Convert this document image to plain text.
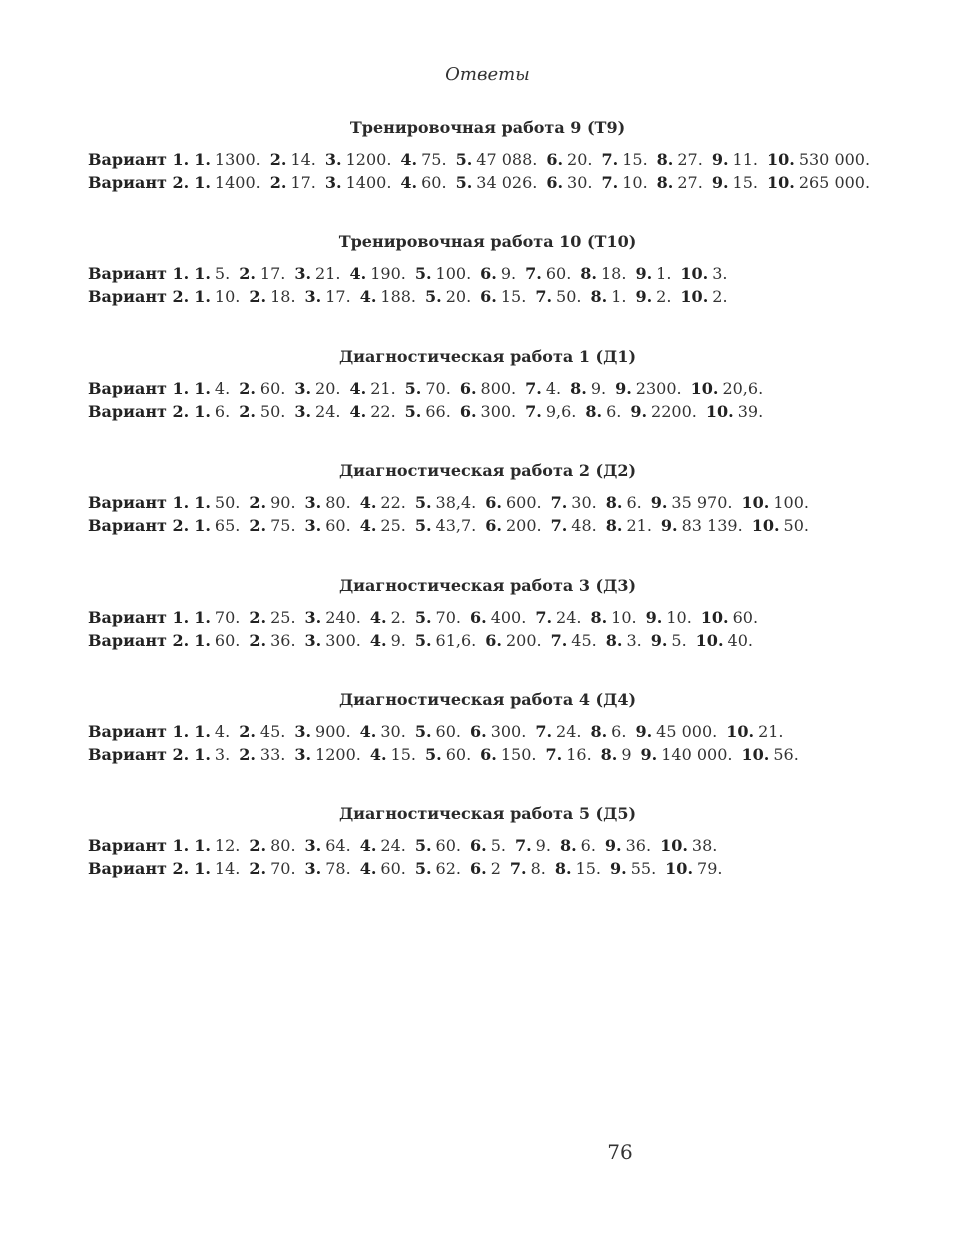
Ответы
Тренировочная работа 9 (Т9)
Вариант 1. 1. 1300. 2. 14. 3. 1200. 4. 75. 5. 47 088. 6. 20. 7. 15. 8. 27. 9. 11. 10. 530 000.
Вариант 2. 1. 1400. 2. 17. 3. 1400. 4. 60. 5. 34 026. 6. 30. 7. 10. 8. 27. 9. 15. 10. 265 000.
Тренировочная работа 10 (Т10)
Вариант 1. 1. 5. 2. 17. 3. 21. 4. 190. 5. 100. 6. 9. 7. 60. 8. 18. 9. 1. 10. 3.
Вариант 2. 1. 10. 2. 18. 3. 17. 4. 188. 5. 20. 6. 15. 7. 50. 8. 1. 9. 2. 10. 2.
Диагностическая работа 1 (Д1)
Вариант 1. 1. 4. 2. 60. 3. 20. 4. 21. 5. 70. 6. 800. 7. 4. 8. 9. 9. 2300. 10. 20,6.
Вариант 2. 1. 6. 2. 50. 3. 24. 4. 22. 5. 66. 6. 300. 7. 9,6. 8. 6. 9. 2200. 10. 39.
Диагностическая работа 2 (Д2)
Вариант 1. 1. 50. 2. 90. 3. 80. 4. 22. 5. 38,4. 6. 600. 7. 30. 8. 6. 9. 35 970. 10. 100.
Вариант 2. 1. 65. 2. 75. 3. 60. 4. 25. 5. 43,7. 6. 200. 7. 48. 8. 21. 9. 83 139. 10. 50.
Диагностическая работа 3 (Д3)
Вариант 1. 1. 70. 2. 25. 3. 240. 4. 2. 5. 70. 6. 400. 7. 24. 8. 10. 9. 10. 10. 60.
Вариант 2. 1. 60. 2. 36. 3. 300. 4. 9. 5. 61,6. 6. 200. 7. 45. 8. 3. 9. 5. 10. 40.
Диагностическая работа 4 (Д4)
Вариант 1. 1. 4. 2. 45. 3. 900. 4. 30. 5. 60. 6. 300. 7. 24. 8. 6. 9. 45 000. 10. 21.
Вариант 2. 1. 3. 2. 33. 3. 1200. 4. 15. 5. 60. 6. 150. 7. 16. 8. 9 9. 140 000. 10. 56.
Диагностическая работа 5 (Д5)
Вариант 1. 1. 12. 2. 80. 3. 64. 4. 24. 5. 60. 6. 5. 7. 9. 8. 6. 9. 36. 10. 38.
Вариант 2. 1. 14. 2. 70. 3. 78. 4. 60. 5. 62. 6. 2 7. 8. 8. 15. 9. 55. 10. 79.
76
